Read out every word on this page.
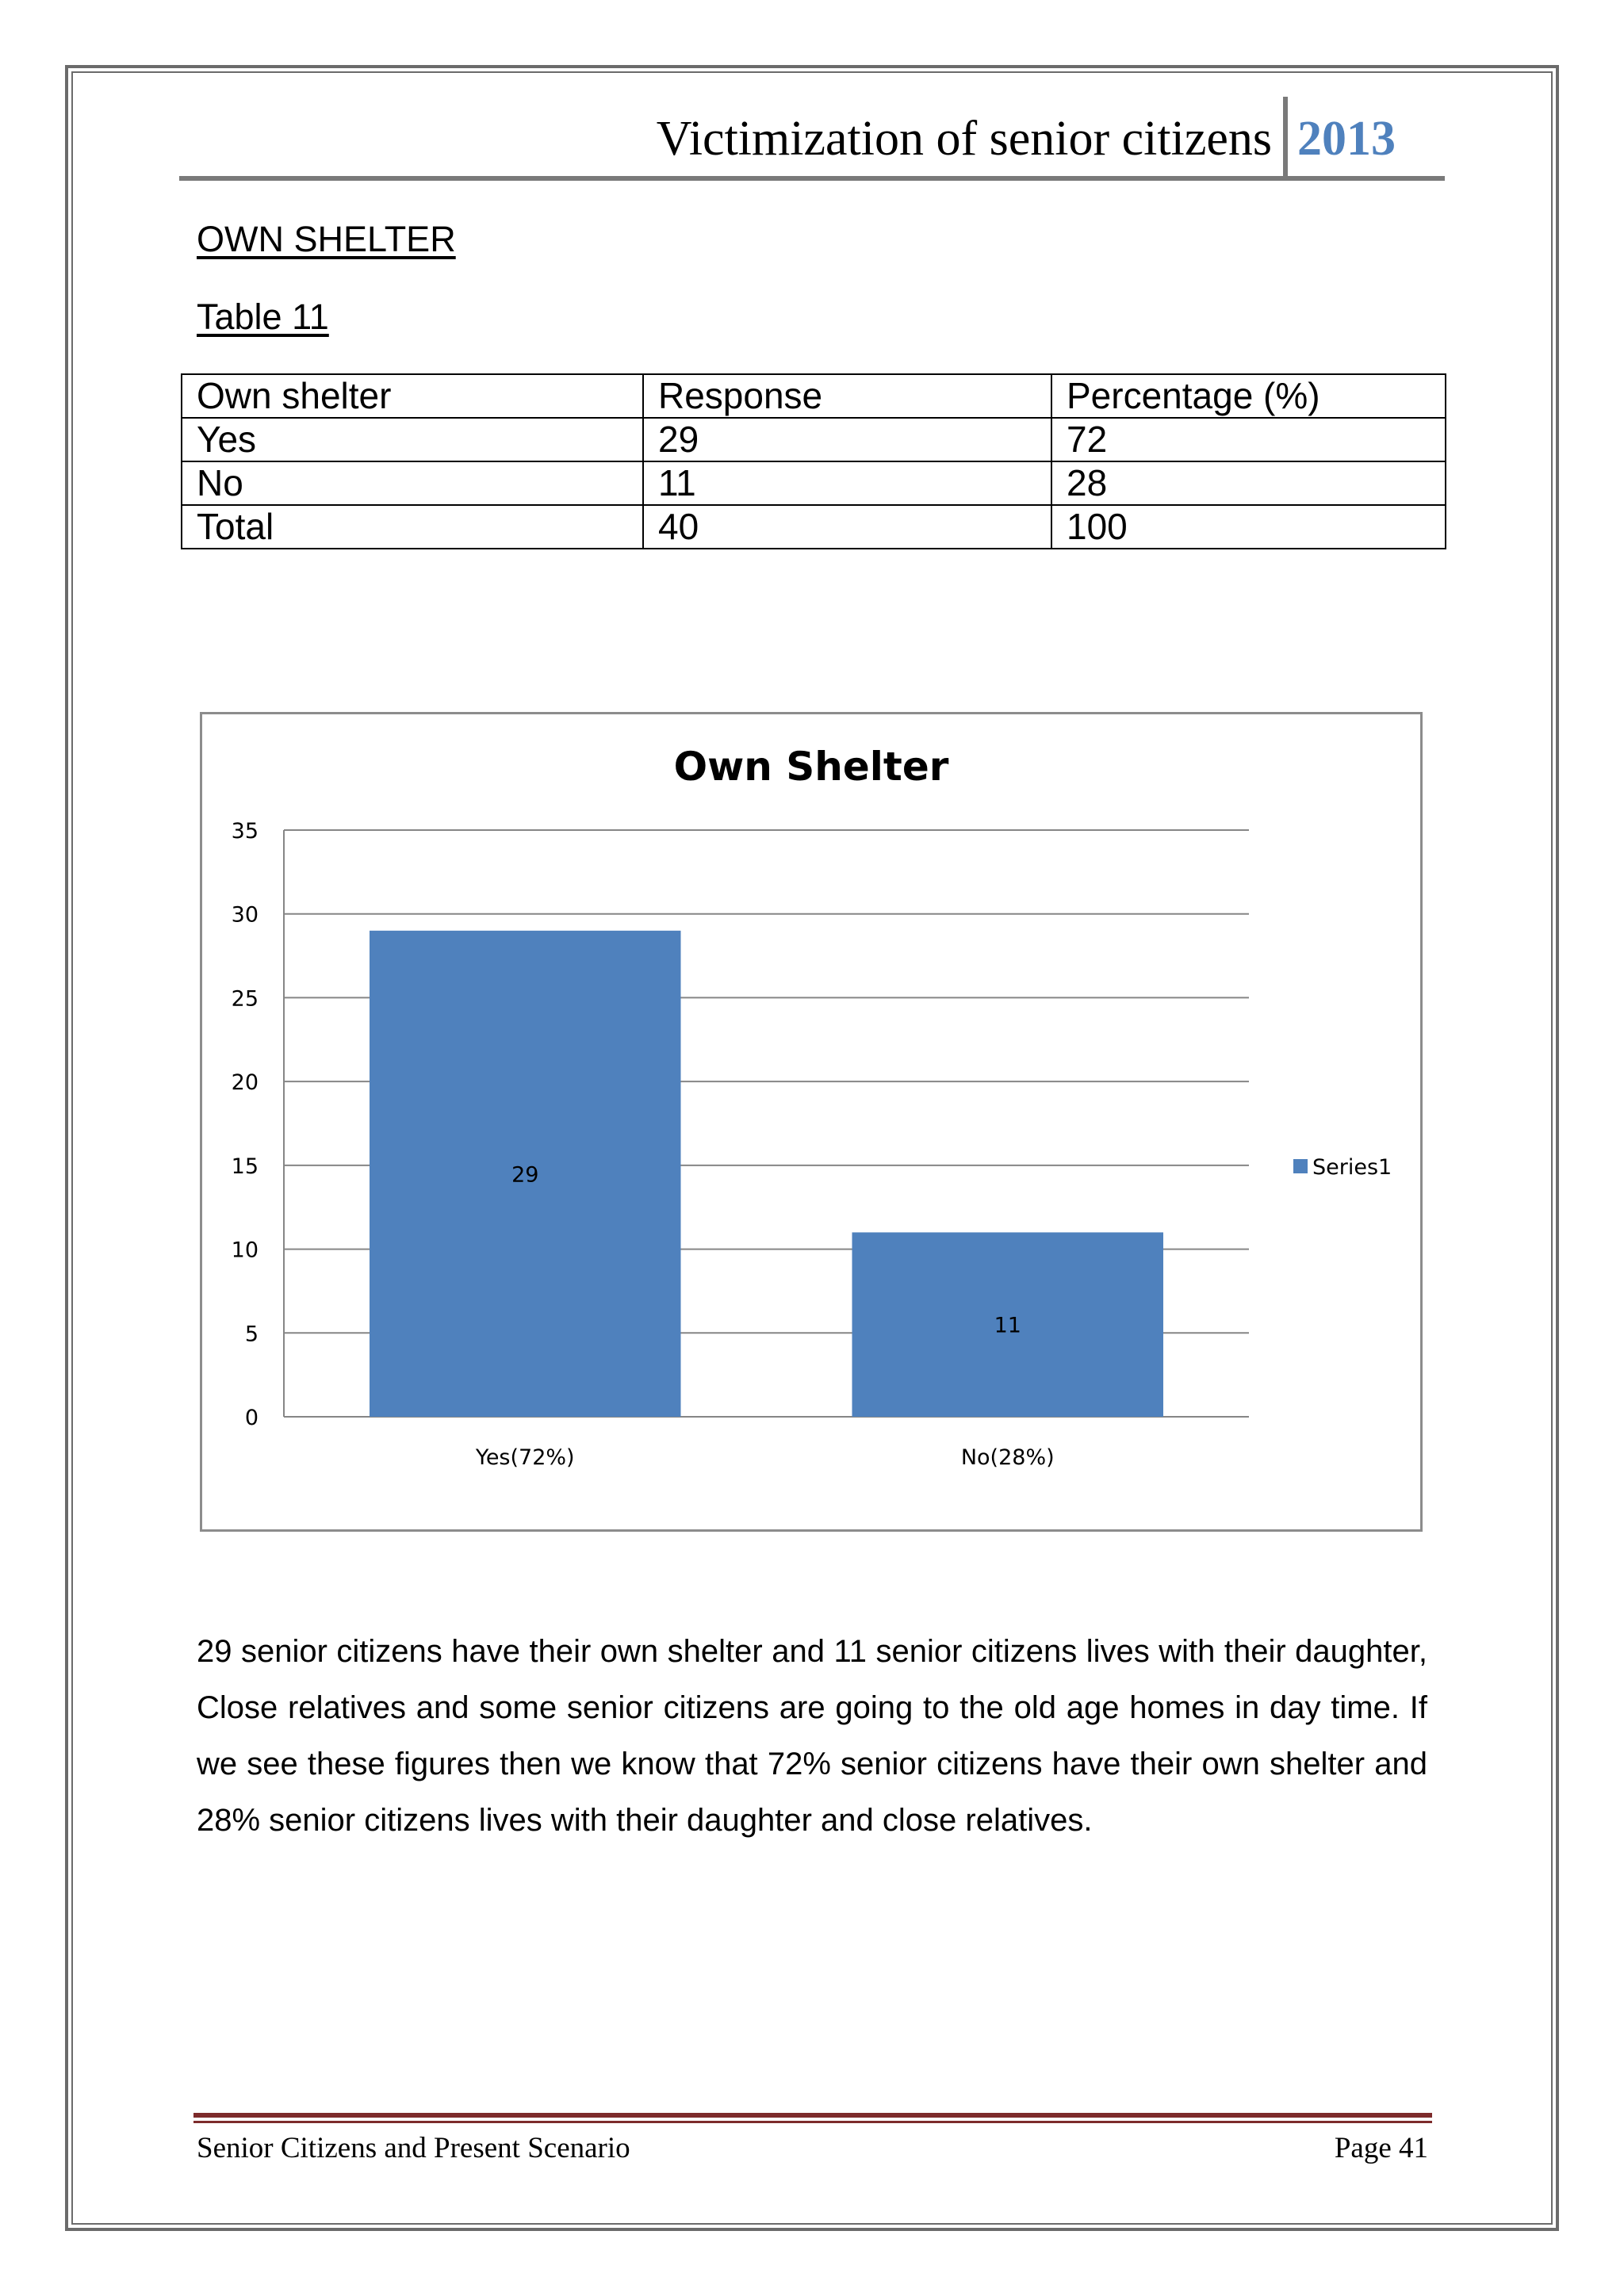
Victimization of senior citizens 2013
OWN SHELTER
Table 11
Own shelter	Response	Percentage (%)
Yes	29	72
No	11	28
Total	40	100
Own Shelter
0
5
10
15
20
25
30
35
Yes(72%)	No(28%)
29
11
Series1

29 senior citizens have their own shelter and 11 senior citizens lives with their daughter, Close relatives and some senior citizens are going to the old age homes in day time. If we see these figures then we know that 72% senior citizens have their own shelter and 28% senior citizens lives with their daughter and close relatives.

Senior Citizens and Present Scenario	Page 41
